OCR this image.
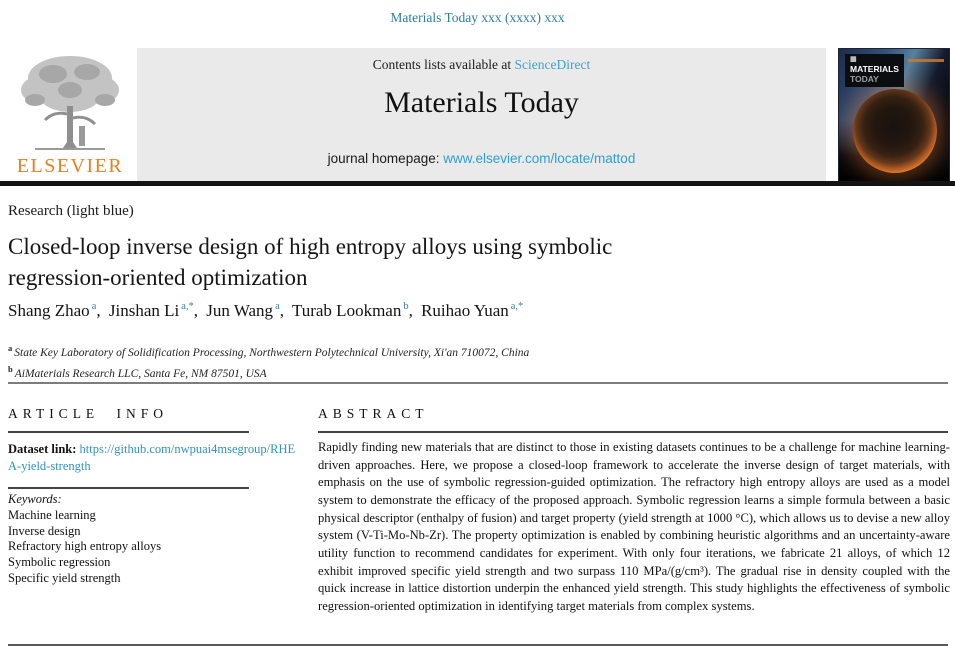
Materials Today xxx (xxxx) xxx
ELSEVIER
Contents lists available at ScienceDirect
Materials Today
journal homepage: www.elsevier.com/locate/mattod
▦
MATERIALS
TODAY
Research (light blue)
Closed-loop inverse design of high entropy alloys using symbolic regression-oriented optimization
Shang Zhao $^a$, Jinshan Li $^{a,*}$, Jun Wang $^a$, Turab Lookman $^b$, Ruihao Yuan $^{a,*}$
$^a$ State Key Laboratory of Solidification Processing, Northwestern Polytechnical University, Xi'an 710072, China
$^b$ AiMaterials Research LLC, Santa Fe, NM 87501, USA
ARTICLE INFO
Dataset link: https://github.com/nwpuai4msegroup/RHEA-yield-strength
Keywords:
Machine learning
Inverse design
Refractory high entropy alloys
Symbolic regression
Specific yield strength
ABSTRACT
Rapidly finding new materials that are distinct to those in existing datasets continues to be a challenge for machine learning-driven approaches. Here, we propose a closed-loop framework to accelerate the inverse design of target materials, with emphasis on the use of symbolic regression-guided optimization. The refractory high entropy alloys are used as a model system to demonstrate the efficacy of the proposed approach. Symbolic regression learns a simple formula between a basic physical descriptor (enthalpy of fusion) and target property (yield strength at 1000 °C), which allows us to devise a new alloy system (V-Ti-Mo-Nb-Zr). The property optimization is enabled by combining heuristic algorithms and an uncertainty-aware utility function to recommend candidates for experiment. With only four iterations, we fabricate 21 alloys, of which 12 exhibit improved specific yield strength and two surpass 110 MPa/(g/cm³). The gradual rise in density coupled with the quick increase in lattice distortion underpin the enhanced yield strength. This study highlights the effectiveness of symbolic regression-oriented optimization in identifying target materials from complex systems.
